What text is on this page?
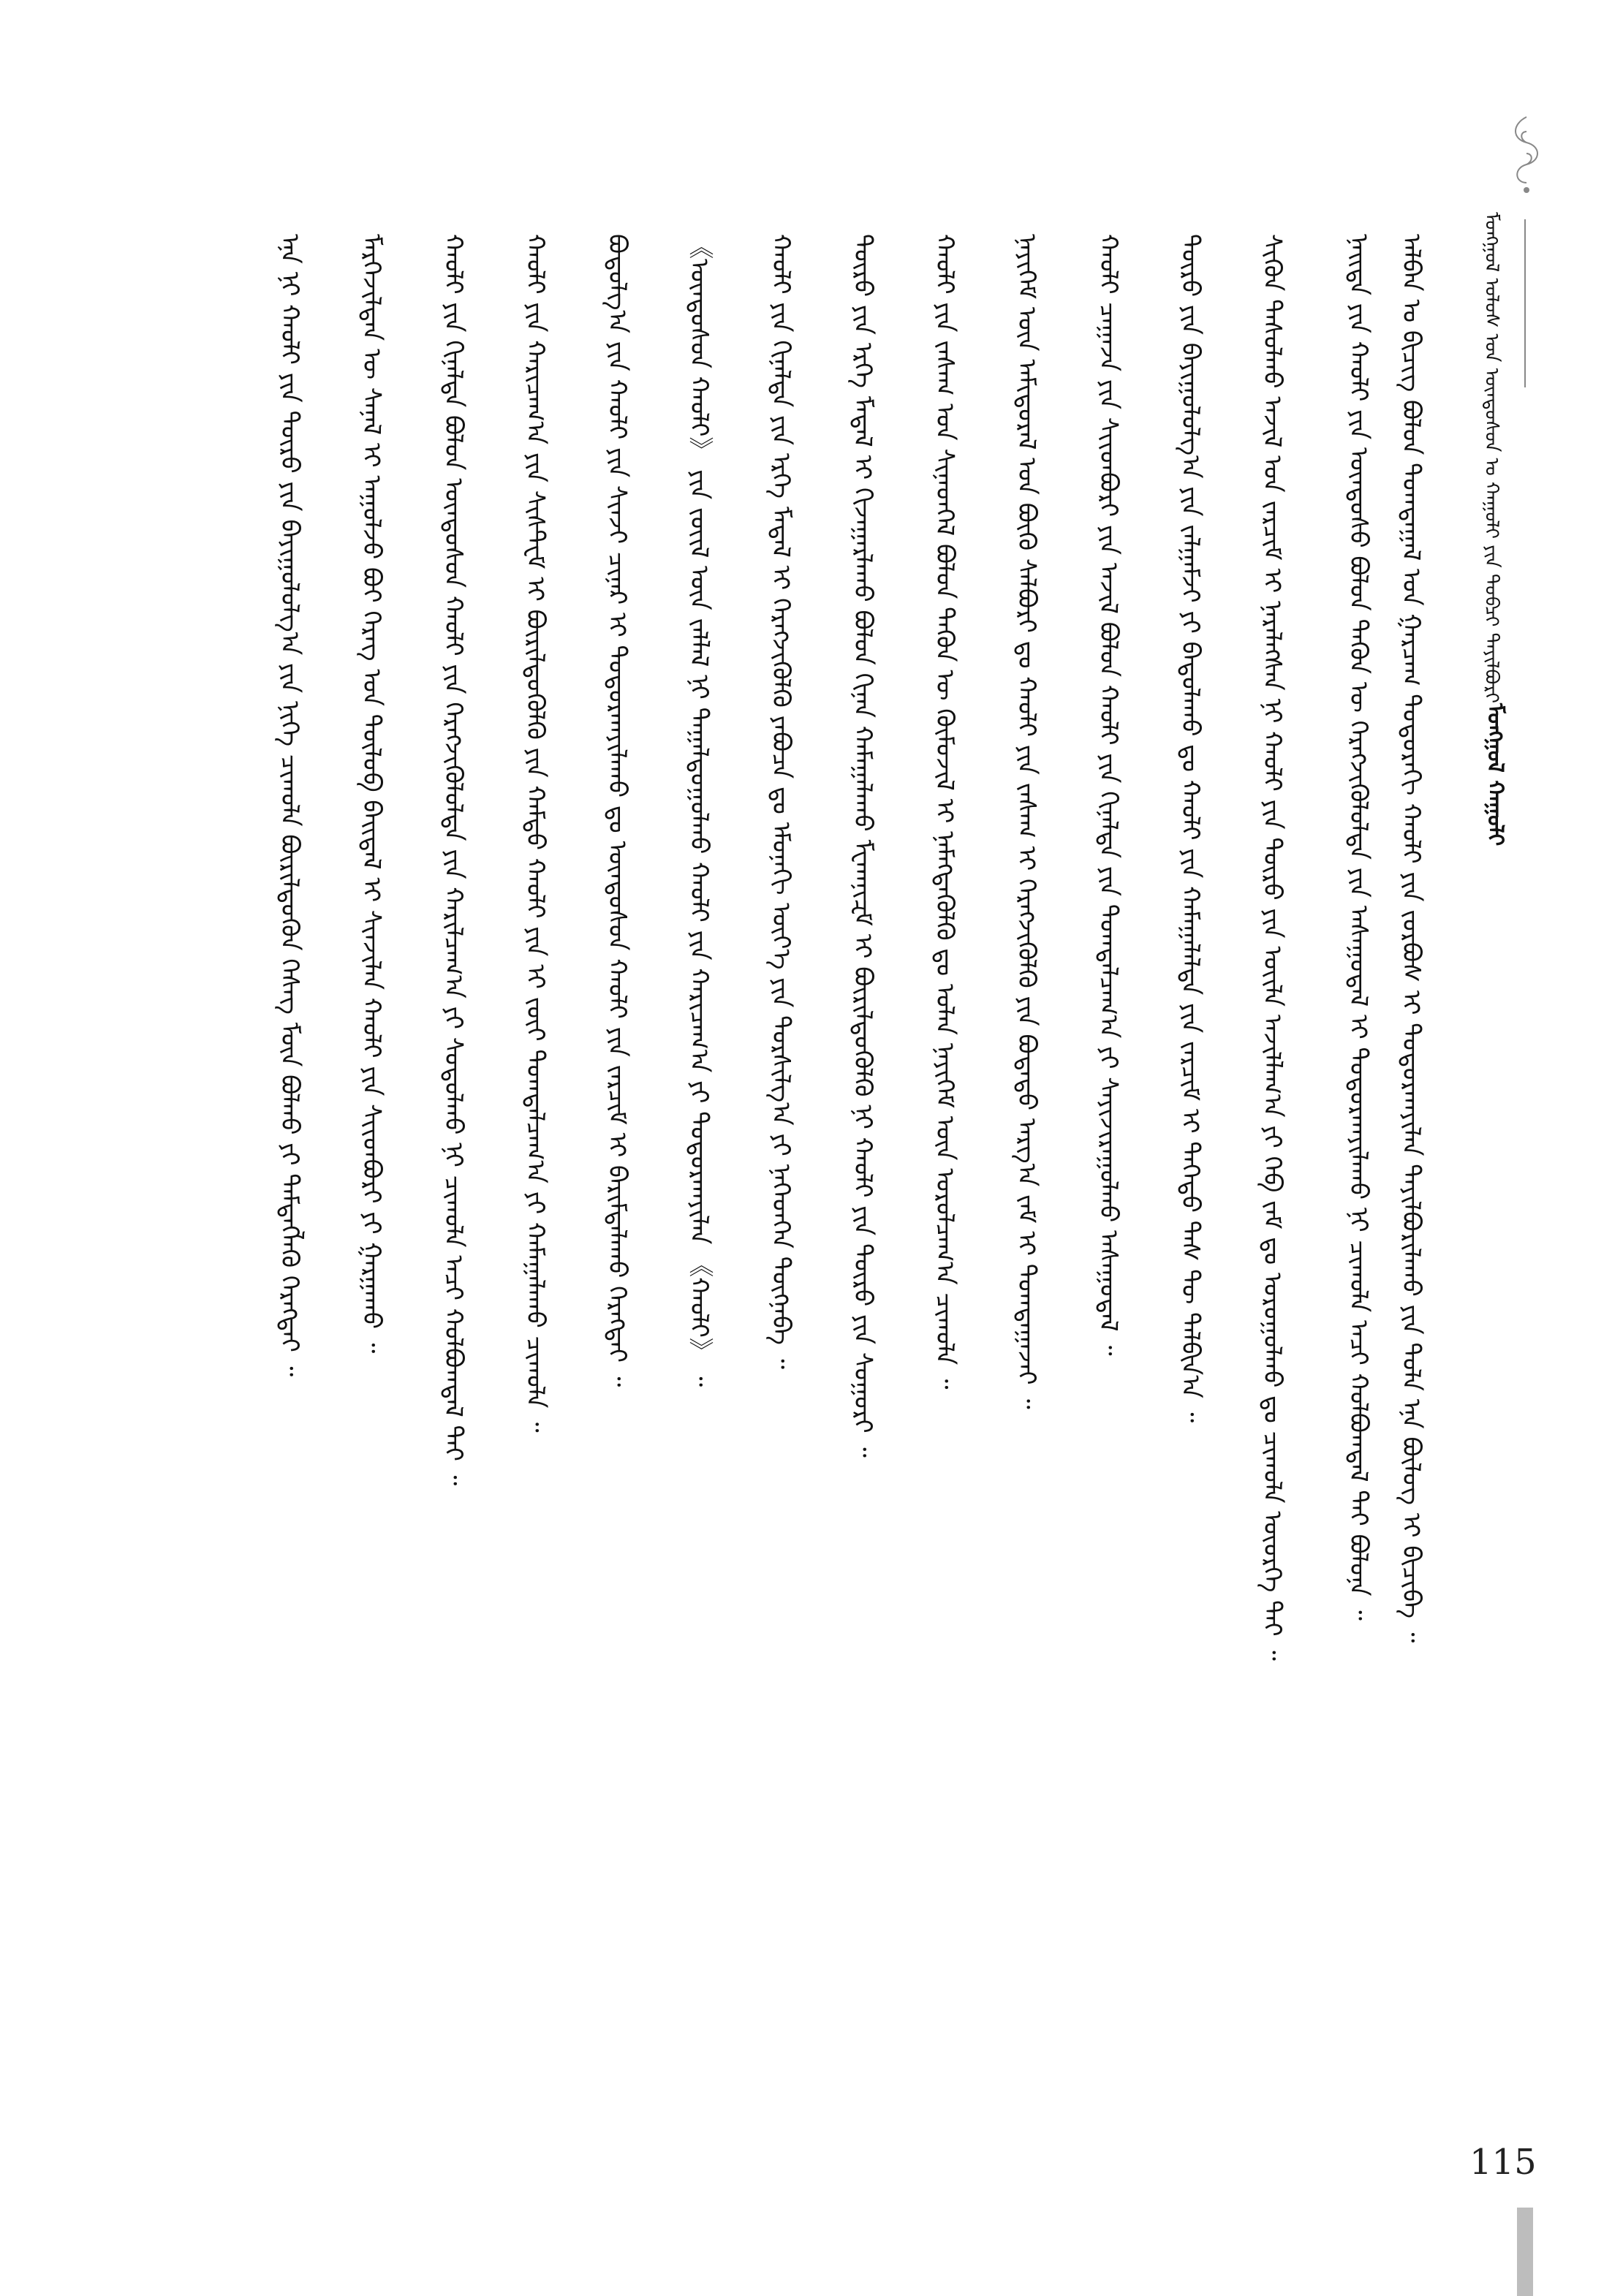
ᠮᠣᠩᠭᠣᠯ ᠤᠯᠤᠰ ᠤᠨ ᠦᠨᠳᠦᠰᠦᠨ ᠤ ᠬᠠᠭᠤᠯᠢ ᠶᠢᠨ ᠲᠣᠪᠴᠢ ᠲᠠᠶᠢᠯᠪᠤᠷᠢ
ᠮᠣᠩᠭᠣᠯ ᠬᠠᠭᠤᠯᠢ
ᠠᠯᠪᠠᠨ ᠤ ᠪᠢᠴᠢᠭ ᠪᠣᠯᠤᠨ ᠲᠣᠭᠲᠠᠭᠠᠯ ᠤᠨ ᠭᠠᠷᠴᠠᠭ ᠳᠣᠲᠣᠷᠠᠬᠢ ᠬᠠᠤᠯᠢ ᠶᠢᠨ ᠵᠤᠷᠪᠤᠰ ᠢ ᠲᠣᠳᠣᠷᠬᠠᠶᠢᠯᠠᠨ ᠲᠠᠶᠢᠯᠪᠤᠷᠢᠯᠠᠬᠤ ᠶᠢᠨ ᠲᠤᠯᠠ ᠡᠨᠡ ᠪᠦᠯᠦᠭ ᠢ ᠪᠢᠴᠢᠪᠡ ᠃
ᠨᠡᠢᠲᠡ ᠶᠢᠨ ᠬᠠᠤᠯᠢ ᠶᠢᠨ ᠦᠨᠳᠦᠰᠦ ᠪᠣᠯᠤᠨ ᠲᠡᠭᠦᠨ ᠦ ᠬᠡᠷᠡᠭᠵᠢᠭᠦᠯᠦᠯᠲᠡ ᠶᠢᠨ ᠠᠰᠠᠭᠤᠳᠠᠯ ᠢ ᠲᠣᠳᠣᠷᠬᠠᠶᠢᠯᠠᠬᠤ ᠨᠢ ᠴᠢᠬᠤᠯᠠ ᠠᠴᠢ ᠬᠣᠯᠪᠣᠭᠳᠠᠯ ᠲᠠᠶ ᠪᠣᠯᠤᠨᠠ ᠃
ᠰᠢᠭᠦᠨ ᠲᠠᠰᠤᠯᠬᠤ ᠠᠵᠢᠯ ᠤᠨ ᠵᠠᠷᠴᠢᠮ ᠢ ᠨᠡᠷᠡᠯᠡᠭᠰᠡᠨ ᠨᠢ ᠬᠠᠤᠯᠢ ᠶᠢᠨ ᠲᠥᠷᠥ ᠶᠢᠨ ᠦᠢᠯᠡ ᠠᠵᠢᠯᠯᠠᠭ᠎ᠠ ᠶᠢ ᠬᠡᠪ ᠵᠠᠮ ᠳᠤ ᠣᠷᠣᠭᠤᠯᠬᠤ ᠳᠤ ᠴᠢᠬᠤᠯᠠ ᠦᠦᠷᠭᠡ ᠲᠡᠢ ᠃
ᠲᠥᠷᠥ ᠶᠢᠨ ᠪᠠᠶᠢᠭᠤᠯᠤᠯᠭ᠎ᠠ ᠶᠢᠨ ᠵᠠᠯᠭᠠᠮᠵᠢ ᠶᠢ ᠪᠠᠲᠤᠯᠠᠬᠤ ᠳᠤ ᠬᠠᠤᠯᠢ ᠶᠢᠨ ᠬᠠᠮᠠᠭᠠᠯᠠᠯᠲᠠ ᠶᠢᠨ ᠵᠠᠷᠴᠢᠮ ᠢ ᠳᠡᠭᠡᠳᠦ ᠳᠡᠰ ᠲᠦ ᠲᠠᠯᠪᠢᠨ᠎ᠠ ᠃
ᠬᠠᠤᠯᠢ ᠴᠠᠭᠠᠵᠠ ᠶᠢᠨ ᠰᠢᠢᠳᠪᠦᠷᠢ ᠶᠢᠨ ᠠᠵᠢᠯ ᠪᠣᠯᠤᠨ ᠬᠠᠤᠯᠢ ᠶᠢᠨ ᠬᠢᠨᠠᠯᠲᠠ ᠶᠢᠨ ᠲᠣᠭᠲᠠᠯᠴᠠᠭ᠎ᠠ ᠶᠢ ᠰᠠᠶᠢᠵᠢᠷᠠᠭᠤᠯᠬᠤ ᠠᠰᠠᠭᠤᠳᠠᠯ ᠃
ᠨᠡᠶᠢᠭᠡᠮ ᠦᠨ ᠠᠮᠢᠳᠤᠷᠠᠯ ᠤᠨ ᠪᠦᠬᠦ ᠰᠠᠯᠪᠤᠷᠢ ᠳᠤ ᠬᠠᠤᠯᠢ ᠶᠢᠨ ᠵᠠᠰᠠᠭ ᠢ ᠬᠡᠷᠡᠭᠵᠢᠭᠦᠯᠬᠦ ᠶᠢᠨ ᠪᠣᠳᠠᠲᠤ ᠠᠷᠭ᠎ᠠ ᠵᠠᠮ ᠢ ᠲᠣᠭᠲᠠᠭᠠᠵᠠᠢ ᠃
ᠬᠠᠤᠯᠢ ᠶᠢᠨ ᠵᠠᠰᠠᠭ ᠤᠨ ᠰᠢᠨᠡᠳᠭᠡᠯ ᠪᠣᠯᠤᠨ ᠲᠡᠭᠦᠨ ᠦ ᠬᠦᠮᠦᠵᠢᠯ ᠢ ᠨᠡᠮᠡᠭᠳᠡᠭᠦᠯᠬᠦ ᠳᠤ ᠣᠯᠠᠨ ᠨᠡᠶᠢᠭᠡᠮ ᠦᠨ ᠣᠷᠣᠯᠴᠠᠭ᠎ᠠ ᠴᠢᠬᠤᠯᠠ ᠃
ᠲᠥᠷᠥ ᠶᠢᠨ ᠡᠷᠬᠡ ᠮᠡᠳᠡᠯ ᠢ ᠬᠢᠵᠠᠭᠠᠷᠯᠠᠬᠤ ᠪᠣᠯᠤᠨ ᠬᠢᠨᠠᠨ ᠬᠠᠮᠠᠭᠠᠯᠠᠬᠤ ᠮᠧᠬᠠᠨᠢᠽᠮ ᠢ ᠪᠦᠷᠢᠯᠳᠦᠭᠦᠯᠬᠦ ᠨᠢ ᠬᠠᠤᠯᠢ ᠶᠢᠨ ᠲᠥᠷᠥ ᠶᠢᠨ ᠰᠤᠭᠤᠷᠢ ᠃
ᠬᠠᠤᠯᠢ ᠶᠢᠨ ᠬᠢᠨᠠᠯᠲᠠ ᠶᠢᠨ ᠡᠷᠬᠡ ᠮᠡᠳᠡᠯ ᠢ ᠬᠡᠷᠡᠭᠵᠢᠭᠦᠯᠬᠦ ᠶᠠᠪᠤᠴᠠ ᠳᠤ ᠡᠮᠦᠨᠡᠬᠢ ᠦᠶ᠎ᠡ ᠶᠢᠨ ᠲᠤᠷᠰᠢᠯᠭ᠎ᠠ ᠶᠢ ᠨᠡᠭᠡᠳᠬᠡᠨ ᠳᠦᠭᠨᠡᠪᠡ ᠃
《ᠦᠨᠳᠦᠰᠦᠨ ᠬᠠᠤᠯᠢ》 ᠶᠢᠨ ᠵᠦᠢᠯ ᠦᠨ ᠵᠠᠯᠯᠠᠯ ᠨᠢ ᠳᠠᠭᠠᠯᠳᠤᠭᠤᠯᠬᠤ ᠬᠠᠤᠯᠢ ᠶᠢᠨ ᠬᠠᠷᠢᠴᠠᠭ᠎ᠠ ᠶᠢ ᠲᠣᠳᠣᠷᠬᠠᠶᠢᠯᠠᠨ 《ᠬᠠᠤᠯᠢ》 ᠃
ᠪᠣᠳᠣᠯᠭ᠎ᠠ ᠶᠢᠨ ᠬᠠᠤᠯᠢ ᠶᠢᠨ ᠰᠢᠨᠵᠢ ᠴᠢᠨᠠᠷ ᠢ ᠲᠣᠳᠣᠷᠬᠠᠶᠢᠯᠠᠬᠤ ᠳᠤ ᠦᠨᠳᠦᠰᠦᠨ ᠬᠠᠤᠯᠢ ᠶᠢᠨ ᠵᠠᠷᠴᠢᠮ ᠢ ᠪᠠᠷᠢᠮᠲᠠᠯᠠᠬᠤ ᠬᠡᠷᠡᠭᠲᠡᠶ ᠃
ᠬᠠᠤᠯᠢ ᠶᠢᠨ ᠬᠠᠷᠢᠴᠠᠭ᠎ᠠ ᠶᠢᠨ ᠰᠢᠰᠲ᠋ᠧᠮ ᠢ ᠪᠦᠷᠢᠯᠳᠦᠭᠦᠯᠬᠦ ᠶᠢᠨ ᠬᠠᠮᠲᠤ ᠬᠠᠤᠯᠢ ᠶᠢᠨ ᠡᠶ ᠵᠦᠢ ᠲᠣᠭᠲᠠᠯᠴᠠᠭ᠎ᠠ ᠶᠢ ᠬᠠᠮᠠᠭᠠᠯᠠᠬᠤ ᠴᠢᠬᠤᠯᠠ ᠃
ᠬᠠᠤᠯᠢ ᠶᠢᠨ ᠬᠢᠨᠠᠯᠲᠠ ᠪᠣᠯᠤᠨ ᠦᠨᠳᠦᠰᠦᠨ ᠬᠠᠤᠯᠢ ᠶᠢᠨ ᠬᠡᠷᠡᠭᠵᠢᠭᠦᠯᠦᠯᠲᠡ ᠶᠢᠨ ᠬᠠᠷᠢᠯᠴᠠᠭ᠎ᠠ ᠶᠢ ᠰᠤᠳᠤᠯᠬᠤ ᠨᠢ ᠴᠢᠬᠤᠯᠠ ᠠᠴᠢ ᠬᠣᠯᠪᠣᠭᠳᠠᠯ ᠲᠠᠶ ᠃
ᠮᠡᠷᠭᠡᠵᠢᠯᠲᠡᠨ ᠦ ᠰᠠᠨᠠᠯ ᠢ ᠠᠭᠤᠯᠵᠤ ᠪᠤᠶ ᠬᠡᠷᠡᠭ ᠤᠨ ᠲᠥᠯᠦᠪ ᠪᠠᠢᠳᠠᠯ ᠢ ᠰᠢᠨᠵᠢᠯᠡᠨ ᠬᠠᠤᠯᠢ ᠶᠢᠨ ᠰᠢᠢᠳᠪᠦᠷᠢ ᠶᠢ ᠭᠠᠷᠭᠠᠬᠤ ᠃
ᠡᠨᠡ ᠨᠢ ᠬᠠᠤᠯᠢ ᠶᠢᠨ ᠲᠥᠷᠥ ᠶᠢᠨ ᠪᠠᠶᠢᠭᠤᠯᠤᠯᠭ᠎ᠠ ᠶᠢᠨ ᠨᠢᠭᠡ ᠴᠢᠬᠤᠯᠠ ᠪᠦᠷᠢᠯᠳᠦᠬᠦᠨ ᠬᠡᠰᠡᠭ ᠮᠥᠨ ᠪᠣᠯᠬᠤ ᠶᠢ ᠲᠡᠮᠳᠡᠭᠯᠡᠬᠦ ᠬᠡᠷᠡᠭᠲᠡᠶ ᠃
115
